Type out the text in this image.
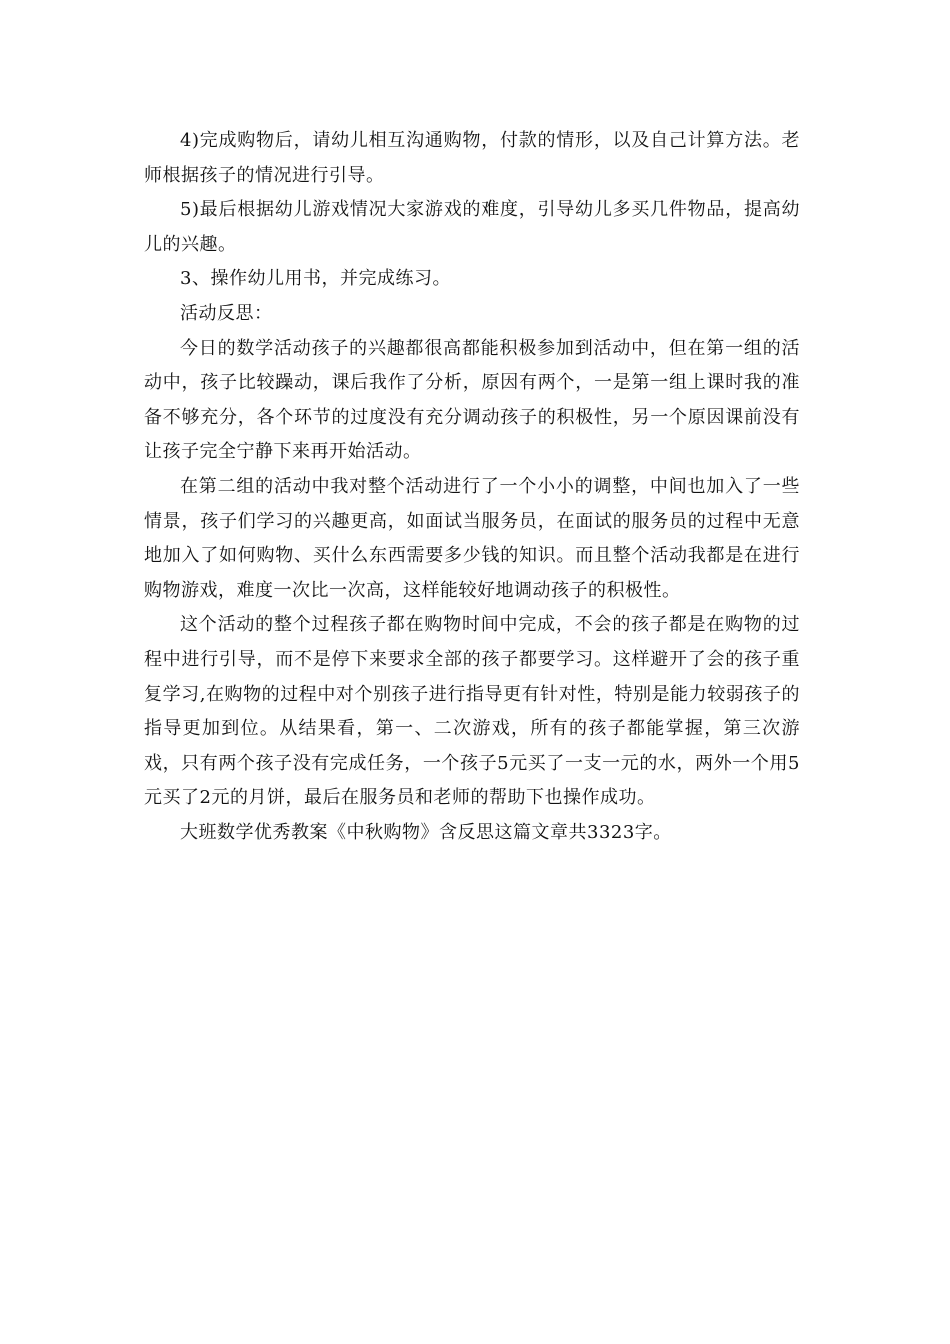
4)完成购物后，请幼儿相互沟通购物，付款的情形，以及自己计算方法。老师根据孩子的情况进行引导。

5)最后根据幼儿游戏情况大家游戏的难度，引导幼儿多买几件物品，提高幼儿的兴趣。

3、操作幼儿用书，并完成练习。

活动反思：

今日的数学活动孩子的兴趣都很高都能积极参加到活动中，但在第一组的活动中，孩子比较躁动，课后我作了分析，原因有两个，一是第一组上课时我的准备不够充分，各个环节的过度没有充分调动孩子的积极性，另一个原因课前没有让孩子完全宁静下来再开始活动。

在第二组的活动中我对整个活动进行了一个小小的调整，中间也加入了一些情景，孩子们学习的兴趣更高，如面试当服务员，在面试的服务员的过程中无意地加入了如何购物、买什么东西需要多少钱的知识。而且整个活动我都是在进行购物游戏，难度一次比一次高，这样能较好地调动孩子的积极性。

这个活动的整个过程孩子都在购物时间中完成，不会的孩子都是在购物的过程中进行引导，而不是停下来要求全部的孩子都要学习。这样避开了会的孩子重复学习,在购物的过程中对个别孩子进行指导更有针对性，特别是能力较弱孩子的指导更加到位。从结果看，第一、二次游戏，所有的孩子都能掌握，第三次游戏，只有两个孩子没有完成任务，一个孩子5元买了一支一元的水，两外一个用5元买了2元的月饼，最后在服务员和老师的帮助下也操作成功。

大班数学优秀教案《中秋购物》含反思这篇文章共3323字。
